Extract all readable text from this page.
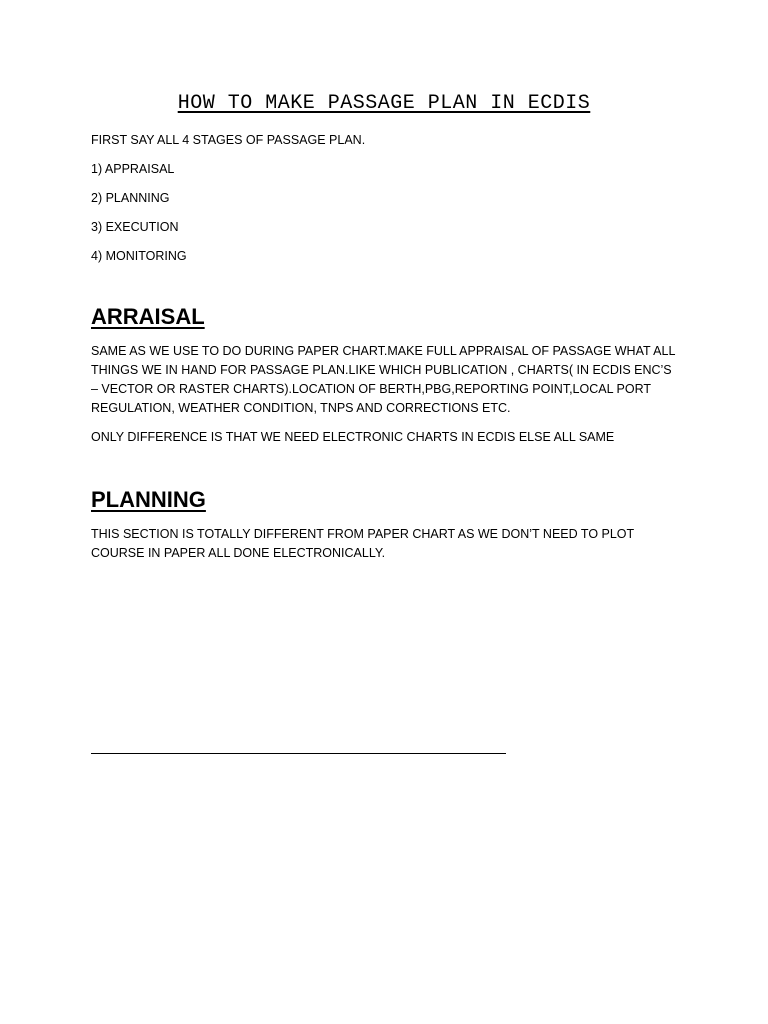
HOW TO MAKE PASSAGE PLAN IN ECDIS

FIRST SAY ALL 4 STAGES OF PASSAGE PLAN.

1) APPRAISAL

2) PLANNING

3) EXECUTION

4) MONITORING

ARRAISAL

SAME AS WE USE TO DO DURING PAPER CHART.MAKE FULL APPRAISAL OF PASSAGE WHAT ALL THINGS WE IN HAND FOR PASSAGE PLAN.LIKE WHICH PUBLICATION , CHARTS( IN ECDIS ENC’S – VECTOR OR RASTER CHARTS).LOCATION OF BERTH,PBG,REPORTING POINT,LOCAL PORT REGULATION, WEATHER CONDITION, TNPS AND CORRECTIONS ETC.

ONLY DIFFERENCE IS THAT WE NEED ELECTRONIC CHARTS IN ECDIS ELSE ALL SAME

PLANNING

THIS SECTION IS TOTALLY DIFFERENT FROM PAPER CHART AS WE DON’T NEED TO PLOT COURSE IN PAPER ALL DONE ELECTRONICALLY.
